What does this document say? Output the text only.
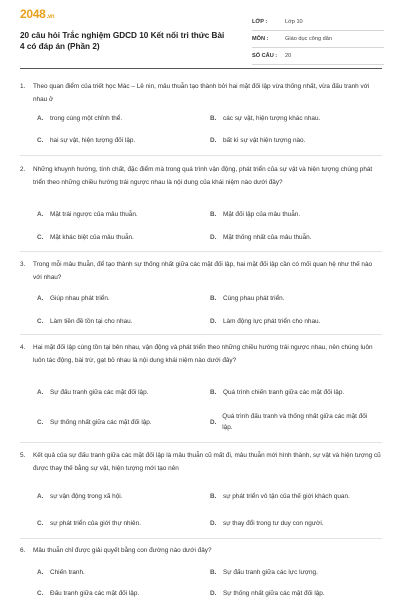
2048.vn
20 câu hỏi Trắc nghiệm GDCD 10 Kết nối tri thức Bài 4 có đáp án (Phần 2)
LỚP :	Lớp 10
MÔN :	Giáo dục công dân
SỐ CÂU :	20
1. Theo quan điểm của triết học Mác – Lê nin, mâu thuẫn tạo thành bởi hai mặt đối lập vừa thống nhất, vừa đấu tranh với nhau ở
A.	trong cùng một chỉnh thể.	B.	các sự vật, hiện tượng khác nhau.
C.	hai sự vật, hiện tượng đối lập.	D.	bất kì sự vật hiện tượng nào.
2. Những khuynh hướng, tính chất, đặc điểm mà trong quá trình vận động, phát triển của sự vật và hiện tượng chúng phát triển theo những chiều hướng trái ngược nhau là nội dung của khái niệm nào dưới đây?
A.	Mặt trái ngược của mâu thuẫn.	B.	Mặt đối lập của mâu thuẫn.
C.	Mặt khác biệt của mâu thuẫn.	D.	Mặt thống nhất của mâu thuẫn.
3. Trong mỗi mâu thuẫn, để tạo thành sự thống nhất giữa các mặt đối lập, hai mặt đối lập cần có mối quan hệ như thế nào với nhau?
A.	Giúp nhau phát triển.	B.	Cùng phau phát triển.
C.	Làm tiền đề tồn tại cho nhau.	D.	Làm động lực phát triển cho nhau.
4. Hai mặt đối lập cùng tồn tại bên nhau, vận động và phát triển theo những chiều hướng trái ngược nhau, nên chúng luôn luôn tác động, bài trừ, gạt bỏ nhau là nội dung khái niệm nào dưới đây?
A.	Sự đấu tranh giữa các mặt đối lập.	B.	Quá trình chiến tranh giữa các mặt đối lập.
C.	Sự thống nhất giữa các mặt đối lập.	D.
Quá trình đấu tranh và thống nhất giữa các mặt đối lập.
5. Kết quả của sự đấu tranh giữa các mặt đối lập là mâu thuẫn cũ mất đi, mâu thuẫn mới hình thành, sự vật và hiện tượng cũ được thay thế bằng sự vật, hiện tượng mới tạo nên
A.	sự vận động trong xã hội.	B.	sự phát triển vô tận của thế giới khách quan.
C.	sự phát triển của giới thự nhiên.	D.	sự thay đổi trong tư duy con người.
6. Mâu thuẫn chỉ được giải quyết bằng con đường nào dưới đây?
A.	Chiến tranh.	B.	Sự đấu tranh giữa các lực lượng.
C.	Đấu tranh giữa các mặt đối lập.	D.	Sự thống nhất giữa các mặt đối lập.
